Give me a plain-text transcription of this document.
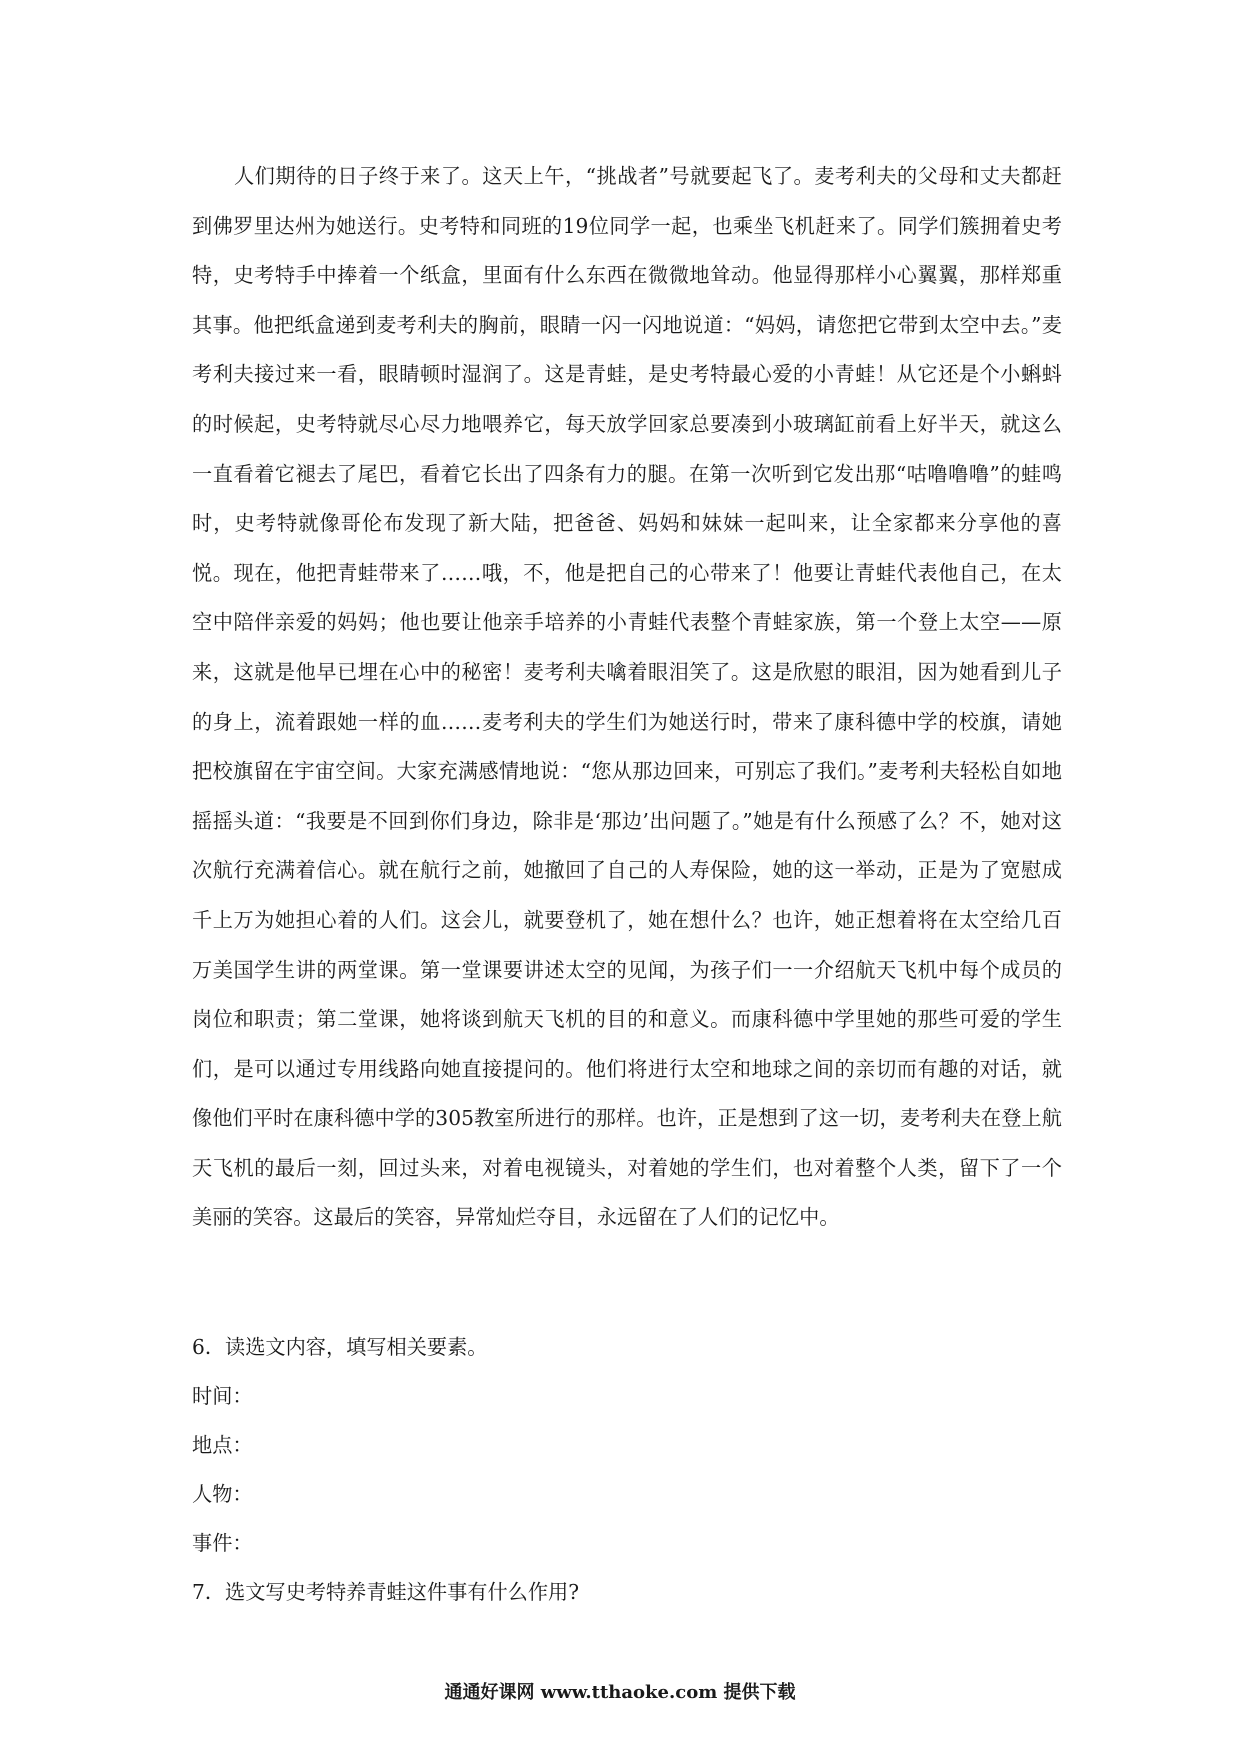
人们期待的日子终于来了。这天上午，“挑战者”号就要起飞了。麦考利夫的父母和丈夫都赶到佛罗里达州为她送行。史考特和同班的19位同学一起，也乘坐飞机赶来了。同学们簇拥着史考特，史考特手中捧着一个纸盒，里面有什么东西在微微地耸动。他显得那样小心翼翼，那样郑重其事。他把纸盒递到麦考利夫的胸前，眼睛一闪一闪地说道：“妈妈，请您把它带到太空中去。”麦考利夫接过来一看，眼睛顿时湿润了。这是青蛙，是史考特最心爱的小青蛙！从它还是个小蝌蚪的时候起，史考特就尽心尽力地喂养它，每天放学回家总要凑到小玻璃缸前看上好半天，就这么一直看着它褪去了尾巴，看着它长出了四条有力的腿。在第一次听到它发出那“咕噜噜噜”的蛙鸣时，史考特就像哥伦布发现了新大陆，把爸爸、妈妈和妹妹一起叫来，让全家都来分享他的喜悦。现在，他把青蛙带来了……哦，不，他是把自己的心带来了！他要让青蛙代表他自己，在太空中陪伴亲爱的妈妈；他也要让他亲手培养的小青蛙代表整个青蛙家族，第一个登上太空——原来，这就是他早已埋在心中的秘密！麦考利夫噙着眼泪笑了。这是欣慰的眼泪，因为她看到儿子的身上，流着跟她一样的血……麦考利夫的学生们为她送行时，带来了康科德中学的校旗，请她把校旗留在宇宙空间。大家充满感情地说：“您从那边回来，可别忘了我们。”麦考利夫轻松自如地摇摇头道：“我要是不回到你们身边，除非是‘那边’出问题了。”她是有什么预感了么？不，她对这次航行充满着信心。就在航行之前，她撤回了自己的人寿保险，她的这一举动，正是为了宽慰成千上万为她担心着的人们。这会儿，就要登机了，她在想什么？也许，她正想着将在太空给几百万美国学生讲的两堂课。第一堂课要讲述太空的见闻，为孩子们一一介绍航天飞机中每个成员的岗位和职责；第二堂课，她将谈到航天飞机的目的和意义。而康科德中学里她的那些可爱的学生们，是可以通过专用线路向她直接提问的。他们将进行太空和地球之间的亲切而有趣的对话，就像他们平时在康科德中学的305教室所进行的那样。也许，正是想到了这一切，麦考利夫在登上航天飞机的最后一刻，回过头来，对着电视镜头，对着她的学生们，也对着整个人类，留下了一个美丽的笑容。这最后的笑容，异常灿烂夺目，永远留在了人们的记忆中。

6．读选文内容，填写相关要素。

时间：

地点：

人物：

事件：

7．选文写史考特养青蛙这件事有什么作用?

通通好课网 www.tthaoke.com 提供下载
